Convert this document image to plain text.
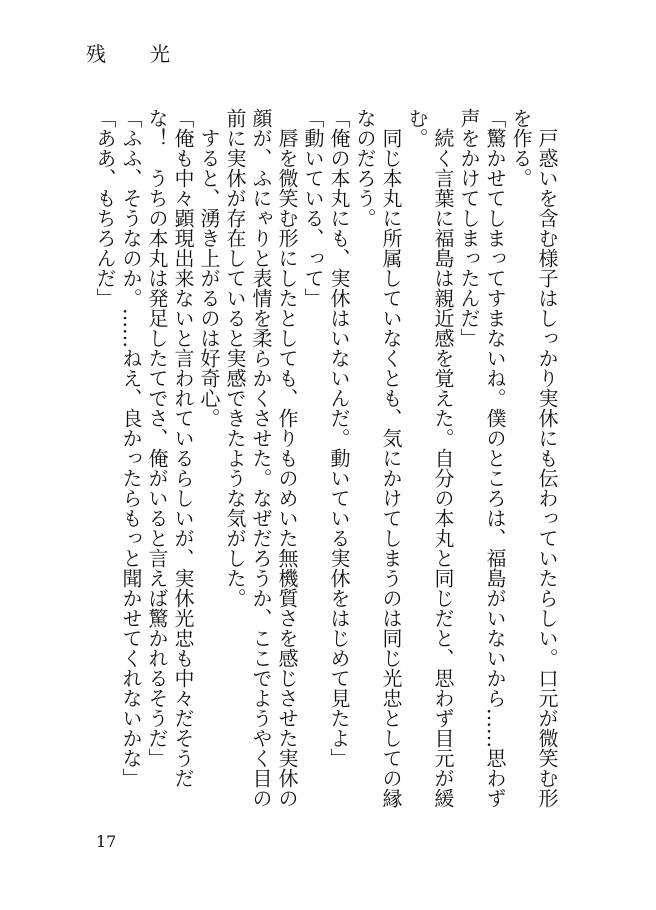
残　光

　戸惑いを含む様子はしっかり実休にも伝わっていたらしい。口元が微笑む形を作る。

「驚かせてしまってすまないね。僕のところは、福島がいないから……思わず声をかけてしまったんだ」

　続く言葉に福島は親近感を覚えた。自分の本丸と同じだと、思わず目元が緩む。

　同じ本丸に所属していなくとも、気にかけてしまうのは同じ光忠としての縁なのだろう。

「俺の本丸にも、実休はいないんだ。動いている実休をはじめて見たよ」

「動いている、って」

　唇を微笑む形にしたとしても、作りものめいた無機質さを感じさせた実休の顔が、ふにゃりと表情を柔らかくさせた。なぜだろうか、ここでようやく目の前に実休が存在していると実感できたような気がした。

　すると、湧き上がるのは好奇心。

「俺も中々顕現出来ないと言われているらしいが、実休光忠も中々だそうだな！　うちの本丸は発足したてでさ、俺がいると言えば驚かれるそうだ」

「ふふ、そうなのか。……ねえ、良かったらもっと聞かせてくれないかな」

「ああ、もちろんだ」

17
